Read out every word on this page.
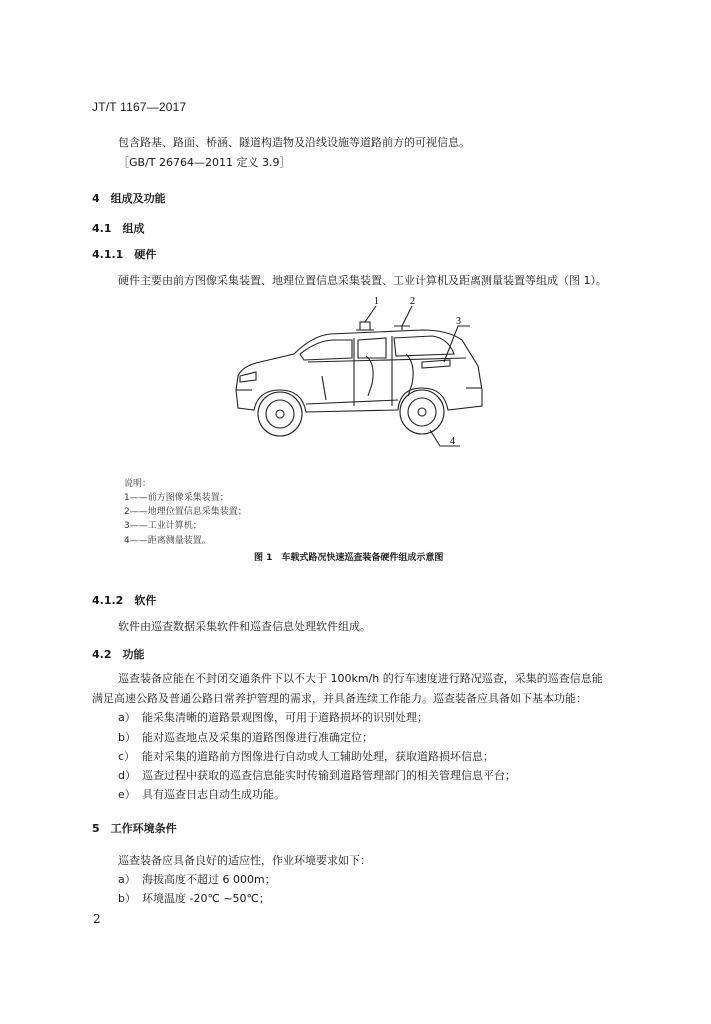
JT/T 1167—2017
包含路基、路面、桥涵、隧道构造物及沿线设施等道路前方的可视信息。
［GB/T 26764—2011 定义 3.9］
4　组成及功能
4.1　组成
4.1.1　硬件
硬件主要由前方图像采集装置、地理位置信息采集装置、工业计算机及距离测量装置等组成（图 1）。
1	2
3
4
说明：
1——前方图像采集装置；
2——地理位置信息采集装置；
3——工业计算机；
4——距离测量装置。
图 1　车载式路况快速巡查装备硬件组成示意图
4.1.2　软件
软件由巡查数据采集软件和巡查信息处理软件组成。
4.2　功能
巡查装备应能在不封闭交通条件下以不大于 100km/h 的行车速度进行路况巡查，采集的巡查信息能
满足高速公路及普通公路日常养护管理的需求，并具备连续工作能力。巡查装备应具备如下基本功能：
a） 能采集清晰的道路景观图像，可用于道路损坏的识别处理；
b） 能对巡查地点及采集的道路图像进行准确定位；
c） 能对采集的道路前方图像进行自动或人工辅助处理，获取道路损坏信息；
d） 巡查过程中获取的巡查信息能实时传输到道路管理部门的相关管理信息平台；
e） 具有巡查日志自动生成功能。
5　工作环境条件
巡查装备应具备良好的适应性，作业环境要求如下：
a） 海拔高度不超过 6 000m；
b） 环境温度 -20℃ ~50℃；
2
